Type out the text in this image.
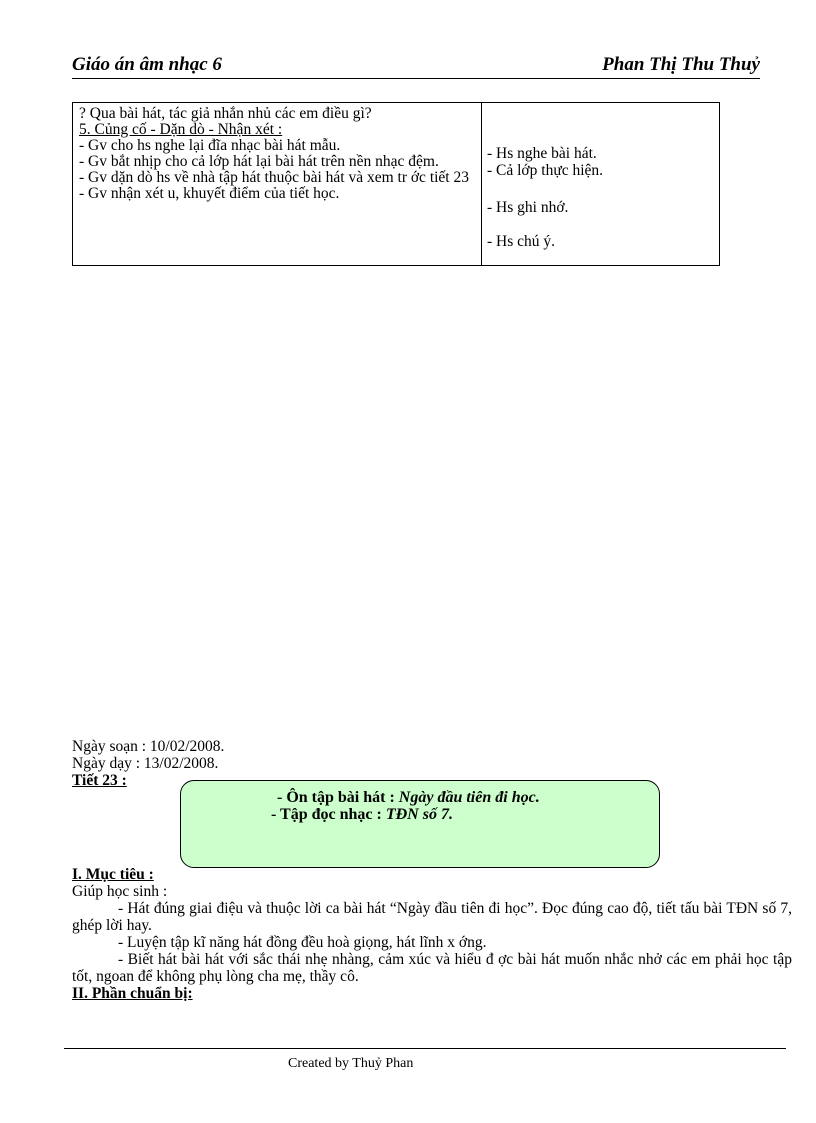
Giáo án âm nhạc 6	Phan Thị Thu Thuỷ
? Qua bài hát, tác giả nhắn nhủ các em điều gì?
5. Củng cố - Dặn dò - Nhận xét :
- Gv cho hs nghe lại đĩa nhạc bài hát mẫu.
- Gv bắt nhịp cho cả lớp hát lại bài hát trên nền nhạc đệm.
- Gv dặn dò hs về nhà tập hát thuộc bài hát và xem tr ớc tiết 23
- Gv nhận xét u, khuyết điểm của tiết học.
- Hs nghe bài hát.
- Cả lớp thực hiện.
- Hs ghi nhớ.
- Hs chú ý.
Ngày soạn : 10/02/2008.
Ngày dạy : 13/02/2008.
Tiết 23 :
- Ôn tập bài hát : Ngày đầu tiên đi học.
- Tập đọc nhạc : TĐN số 7.
I. Mục tiêu :
Giúp học sinh :
- Hát đúng giai điệu và thuộc lời ca bài hát “Ngày đầu tiên đi học”. Đọc đúng cao độ, tiết tấu bài TĐN số 7, ghép lời hay.
- Luyện tập kĩ năng hát đồng đều hoà giọng, hát lĩnh x ớng.
- Biết hát bài hát với sắc thái nhẹ nhàng, cảm xúc và hiểu đ ợc bài hát muốn nhắc nhở các em phải học tập tốt, ngoan để không phụ lòng cha mẹ, thầy cô.
II. Phần chuẩn bị:
Created by Thuỷ Phan
